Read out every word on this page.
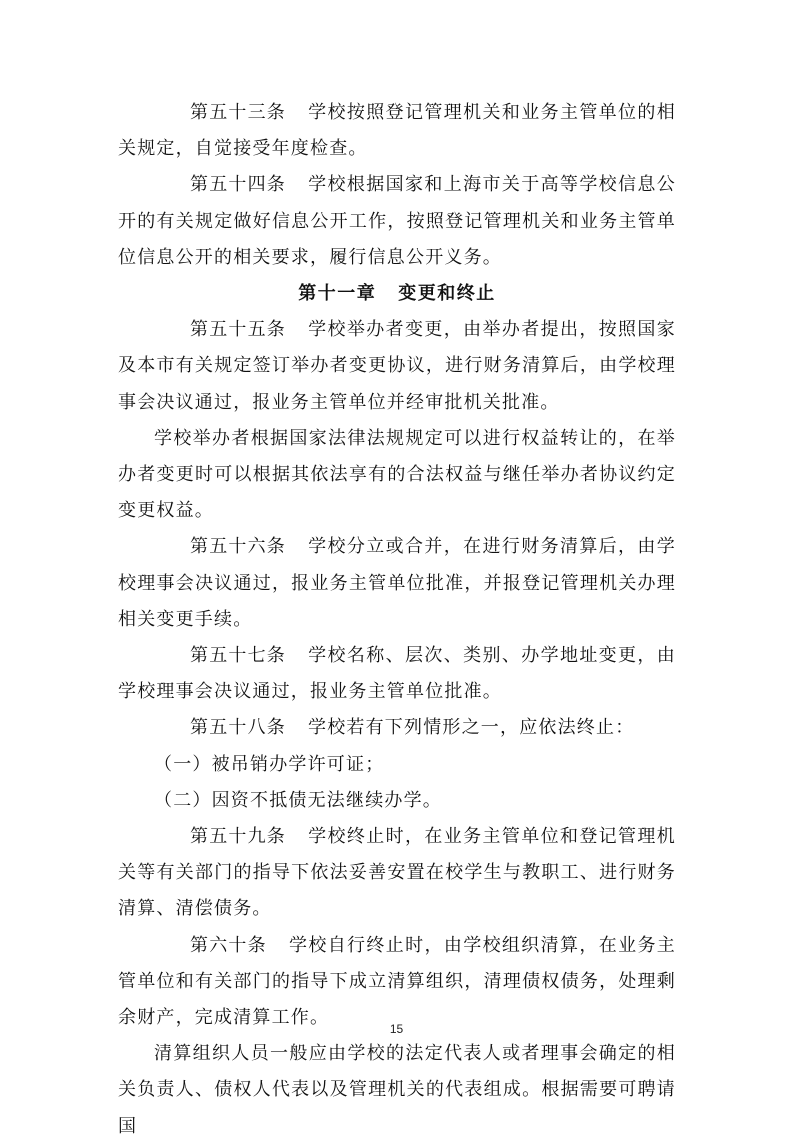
第五十三条 学校按照登记管理机关和业务主管单位的相关规定，自觉接受年度检查。

第五十四条 学校根据国家和上海市关于高等学校信息公开的有关规定做好信息公开工作，按照登记管理机关和业务主管单位信息公开的相关要求，履行信息公开义务。

第十一章 变更和终止

第五十五条 学校举办者变更，由举办者提出，按照国家及本市有关规定签订举办者变更协议，进行财务清算后，由学校理事会决议通过，报业务主管单位并经审批机关批准。

学校举办者根据国家法律法规规定可以进行权益转让的，在举办者变更时可以根据其依法享有的合法权益与继任举办者协议约定变更权益。

第五十六条 学校分立或合并，在进行财务清算后，由学校理事会决议通过，报业务主管单位批准，并报登记管理机关办理相关变更手续。

第五十七条 学校名称、层次、类别、办学地址变更，由学校理事会决议通过，报业务主管单位批准。

第五十八条 学校若有下列情形之一，应依法终止：

（一）被吊销办学许可证；

（二）因资不抵债无法继续办学。

第五十九条 学校终止时，在业务主管单位和登记管理机关等有关部门的指导下依法妥善安置在校学生与教职工、进行财务清算、清偿债务。

第六十条 学校自行终止时，由学校组织清算，在业务主管单位和有关部门的指导下成立清算组织，清理债权债务，处理剩余财产，完成清算工作。

清算组织人员一般应由学校的法定代表人或者理事会确定的相关负责人、债权人代表以及管理机关的代表组成。根据需要可聘请国

15
